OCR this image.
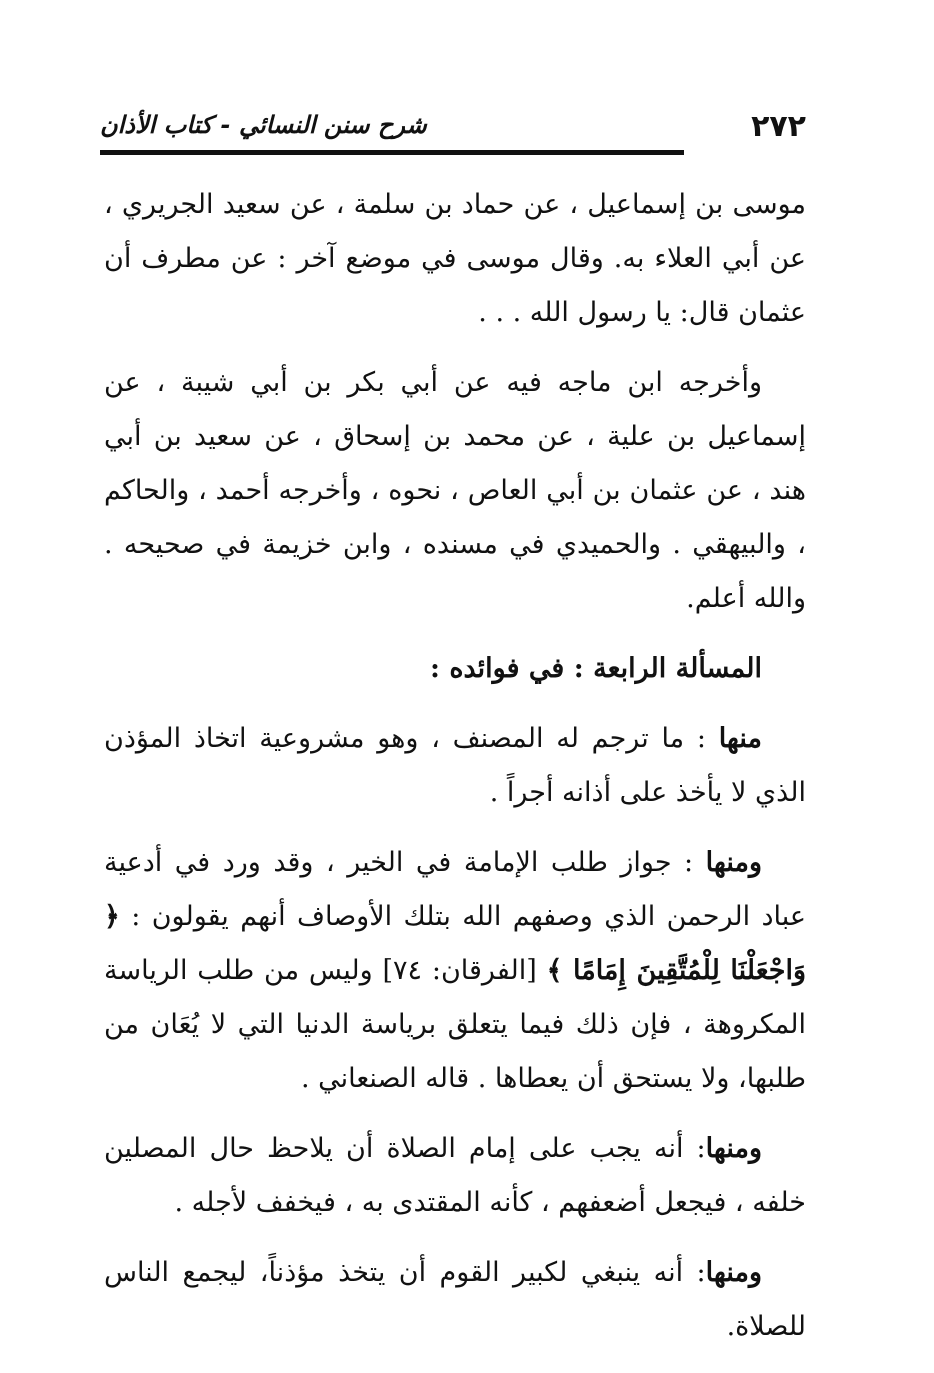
٢٧٢
شرح سنن النسائي - كتاب الأذان

موسى بن إسماعيل ، عن حماد بن سلمة ، عن سعيد الجريري ، عن أبي العلاء به. وقال موسى في موضع آخر : عن مطرف أن عثمان قال: يا رسول الله . . .

وأخرجه ابن ماجه فيه عن أبي بكر بن أبي شيبة ، عن إسماعيل بن علية ، عن محمد بن إسحاق ، عن سعيد بن أبي هند ، عن عثمان بن أبي العاص ، نحوه ، وأخرجه أحمد ، والحاكم ، والبيهقي . والحميدي في مسنده ، وابن خزيمة في صحيحه . والله أعلم.

المسألة الرابعة : في فوائده :

منها : ما ترجم له المصنف ، وهو مشروعية اتخاذ المؤذن الذي لا يأخذ على أذانه أجراً .

ومنها : جواز طلب الإمامة في الخير ، وقد ورد في أدعية عباد الرحمن الذي وصفهم الله بتلك الأوصاف أنهم يقولون : ﴿ وَاجْعَلْنَا لِلْمُتَّقِينَ إِمَامًا ﴾ [الفرقان: ٧٤] وليس من طلب الرياسة المكروهة ، فإن ذلك فيما يتعلق برياسة الدنيا التي لا يُعَان من طلبها، ولا يستحق أن يعطاها . قاله الصنعاني .

ومنها: أنه يجب على إمام الصلاة أن يلاحظ حال المصلين خلفه ، فيجعل أضعفهم ، كأنه المقتدى به ، فيخفف لأجله .

ومنها: أنه ينبغي لكبير القوم أن يتخذ مؤذناً، ليجمع الناس للصلاة.
